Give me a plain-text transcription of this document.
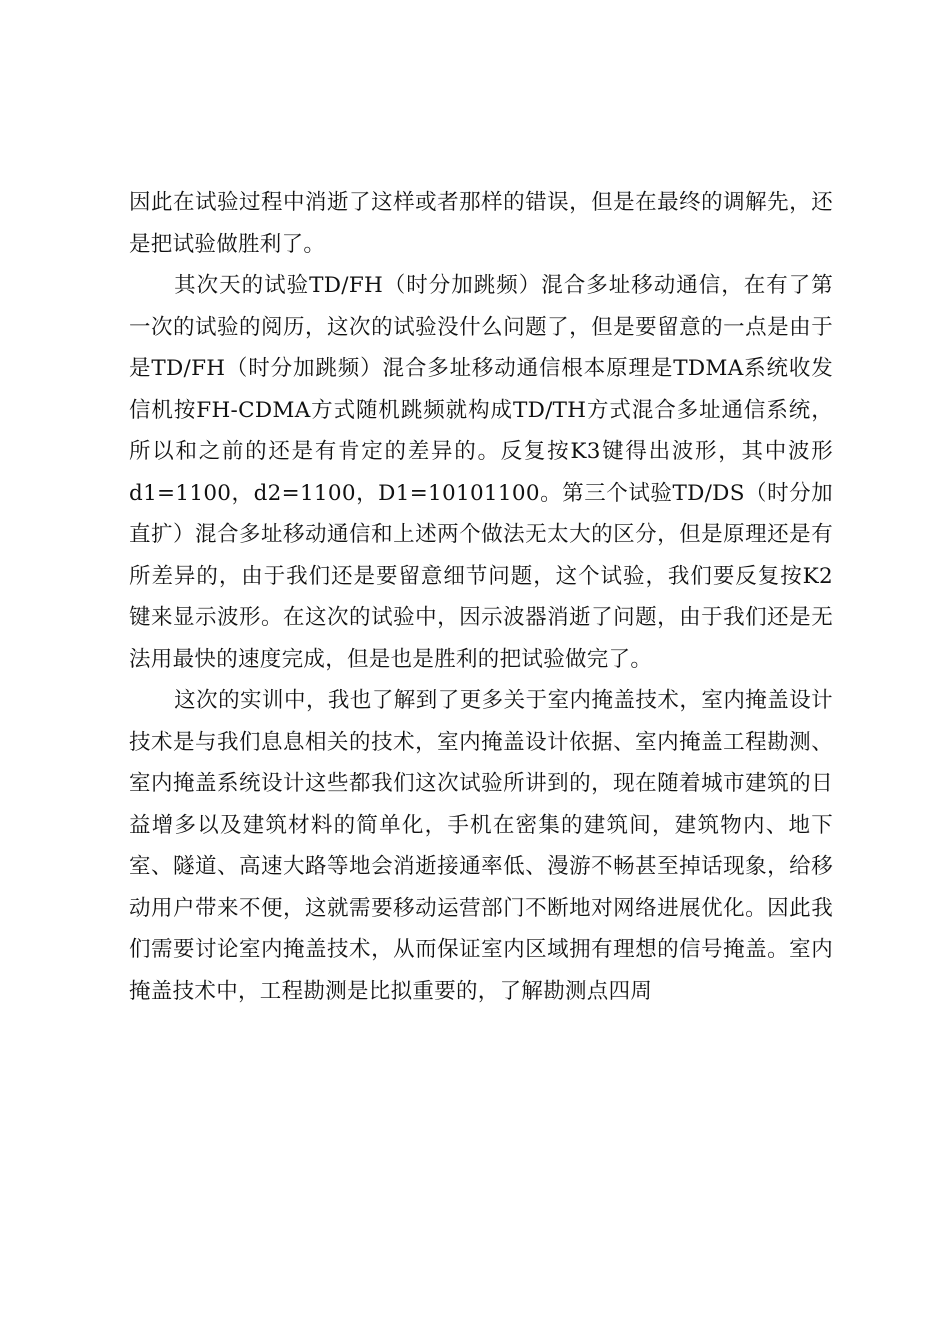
因此在试验过程中消逝了这样或者那样的错误，但是在最终的调解先，还是把试验做胜利了。

其次天的试验TD/FH（时分加跳频）混合多址移动通信，在有了第一次的试验的阅历，这次的试验没什么问题了，但是要留意的一点是由于是TD/FH（时分加跳频）混合多址移动通信根本原理是TDMA系统收发信机按FH-CDMA方式随机跳频就构成TD/TH方式混合多址通信系统，所以和之前的还是有肯定的差异的。反复按K3键得出波形，其中波形d1=1100，d2=1100，D1=10101100。第三个试验TD/DS（时分加直扩）混合多址移动通信和上述两个做法无太大的区分，但是原理还是有所差异的，由于我们还是要留意细节问题，这个试验，我们要反复按K2键来显示波形。在这次的试验中，因示波器消逝了问题，由于我们还是无法用最快的速度完成，但是也是胜利的把试验做完了。

这次的实训中，我也了解到了更多关于室内掩盖技术，室内掩盖设计技术是与我们息息相关的技术，室内掩盖设计依据、室内掩盖工程勘测、室内掩盖系统设计这些都我们这次试验所讲到的，现在随着城市建筑的日益增多以及建筑材料的简单化，手机在密集的建筑间，建筑物内、地下室、隧道、高速大路等地会消逝接通率低、漫游不畅甚至掉话现象，给移动用户带来不便，这就需要移动运营部门不断地对网络进展优化。因此我们需要讨论室内掩盖技术，从而保证室内区域拥有理想的信号掩盖。室内掩盖技术中，工程勘测是比拟重要的，了解勘测点四周
